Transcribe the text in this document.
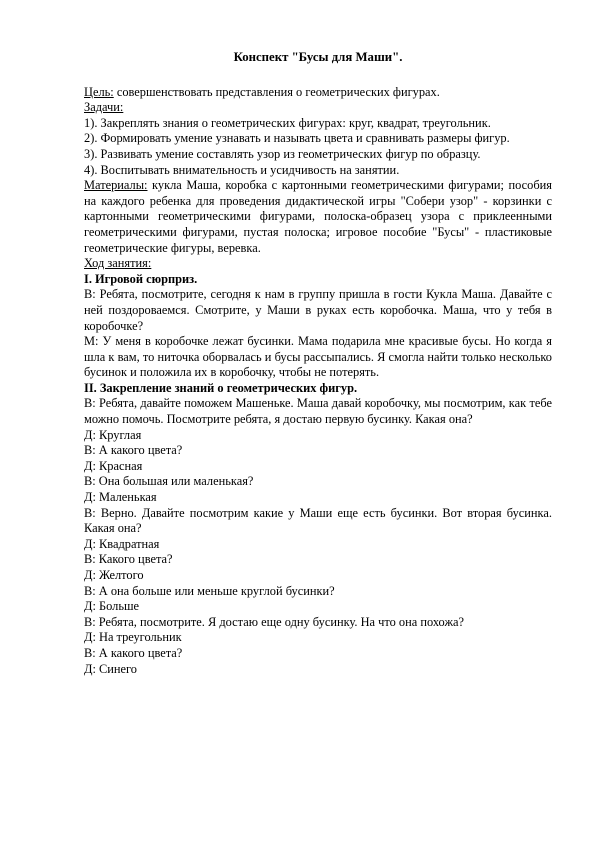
Конспект "Бусы для Маши".

Цель: совершенствовать представления о геометрических фигурах.

Задачи:

1). Закреплять знания о геометрических фигурах: круг, квадрат, треугольник.

2). Формировать умение узнавать и называть цвета и сравнивать размеры фигур.

3). Развивать умение составлять узор из геометрических фигур по образцу.

4). Воспитывать внимательность и усидчивость на занятии.

Материалы: кукла Маша, коробка с картонными геометрическими фигурами; пособия на каждого ребенка для проведения дидактической игры "Собери узор" - корзинки с картонными геометрическими фигурами, полоска-образец узора с приклеенными геометрическими фигурами, пустая полоска; игровое пособие "Бусы" - пластиковые геометрические фигуры, веревка.

Ход занятия:

I. Игровой сюрприз.

В: Ребята, посмотрите, сегодня к нам в группу пришла в гости Кукла Маша. Давайте с ней поздороваемся. Смотрите, у Маши в руках есть коробочка. Маша, что у тебя в коробочке?

М: У меня в коробочке лежат бусинки. Мама подарила мне красивые бусы. Но когда я шла к вам, то ниточка оборвалась и бусы рассыпались. Я смогла найти только несколько бусинок и положила их в коробочку, чтобы не потерять.

II. Закрепление знаний о геометрических фигур.

В: Ребята, давайте поможем Машеньке. Маша давай коробочку, мы посмотрим, как тебе можно помочь. Посмотрите ребята, я достаю первую бусинку. Какая она?

Д: Круглая

В: А какого цвета?

Д: Красная

В: Она большая или маленькая?

Д: Маленькая

В: Верно. Давайте посмотрим какие у Маши еще есть бусинки. Вот вторая бусинка. Какая она?

Д: Квадратная

В: Какого цвета?

Д: Желтого

В: А она больше или меньше круглой бусинки?

Д: Больше

В: Ребята, посмотрите. Я достаю еще одну бусинку. На что она похожа?

Д: На треугольник

В: А какого цвета?

Д: Синего
